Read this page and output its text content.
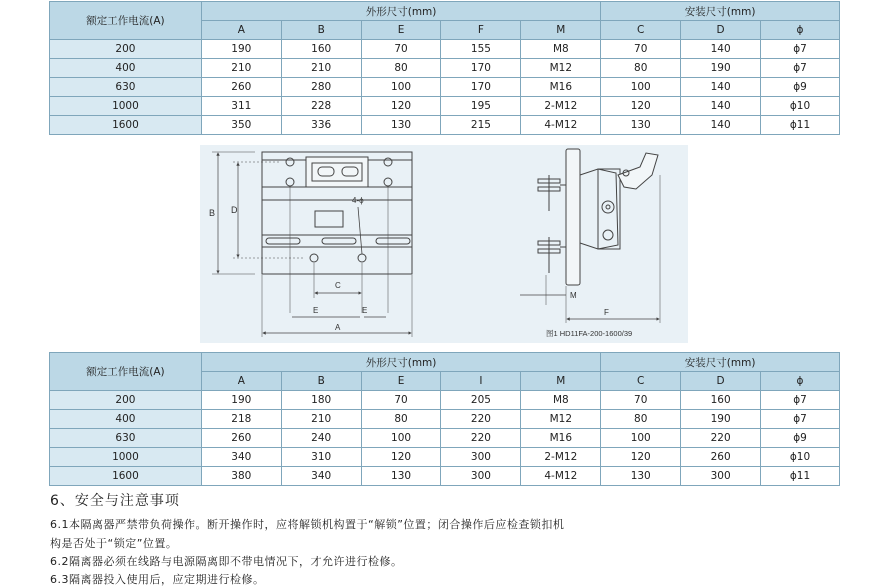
额定工作电流(A)	外形尺寸(mm)					安装尺寸(mm)		
	A	B	E	F	M	C	D	ϕ
200	190	160	70	155	M8	70	140	ϕ7
400	210	210	80	170	M12	80	190	ϕ7
630	260	280	100	170	M16	100	140	ϕ9
1000	311	228	120	195	2-M12	120	140	ϕ10
1600	350	336	130	215	4-M12	130	140	ϕ11
B D
4-ϕ
C
E	E
A
M
F
图1 HD11FA-200-1600/39
额定工作电流(A)	外形尺寸(mm)					安装尺寸(mm)		
	A	B	E	I	M	C	D	ϕ
200	190	180	70	205	M8	70	160	ϕ7
400	218	210	80	220	M12	80	190	ϕ7
630	260	240	100	220	M16	100	220	ϕ9
1000	340	310	120	300	2-M12	120	260	ϕ10
1600	380	340	130	300	4-M12	130	300	ϕ11
6、安全与注意事项
6.1本隔离器严禁带负荷操作。断开操作时，应将解锁机构置于“解锁”位置；闭合操作后应检查锁扣机
构是否处于“锁定”位置。
6.2隔离器必须在线路与电源隔离即不带电情况下，才允许进行检修。
6.3隔离器投入使用后，应定期进行检修。
